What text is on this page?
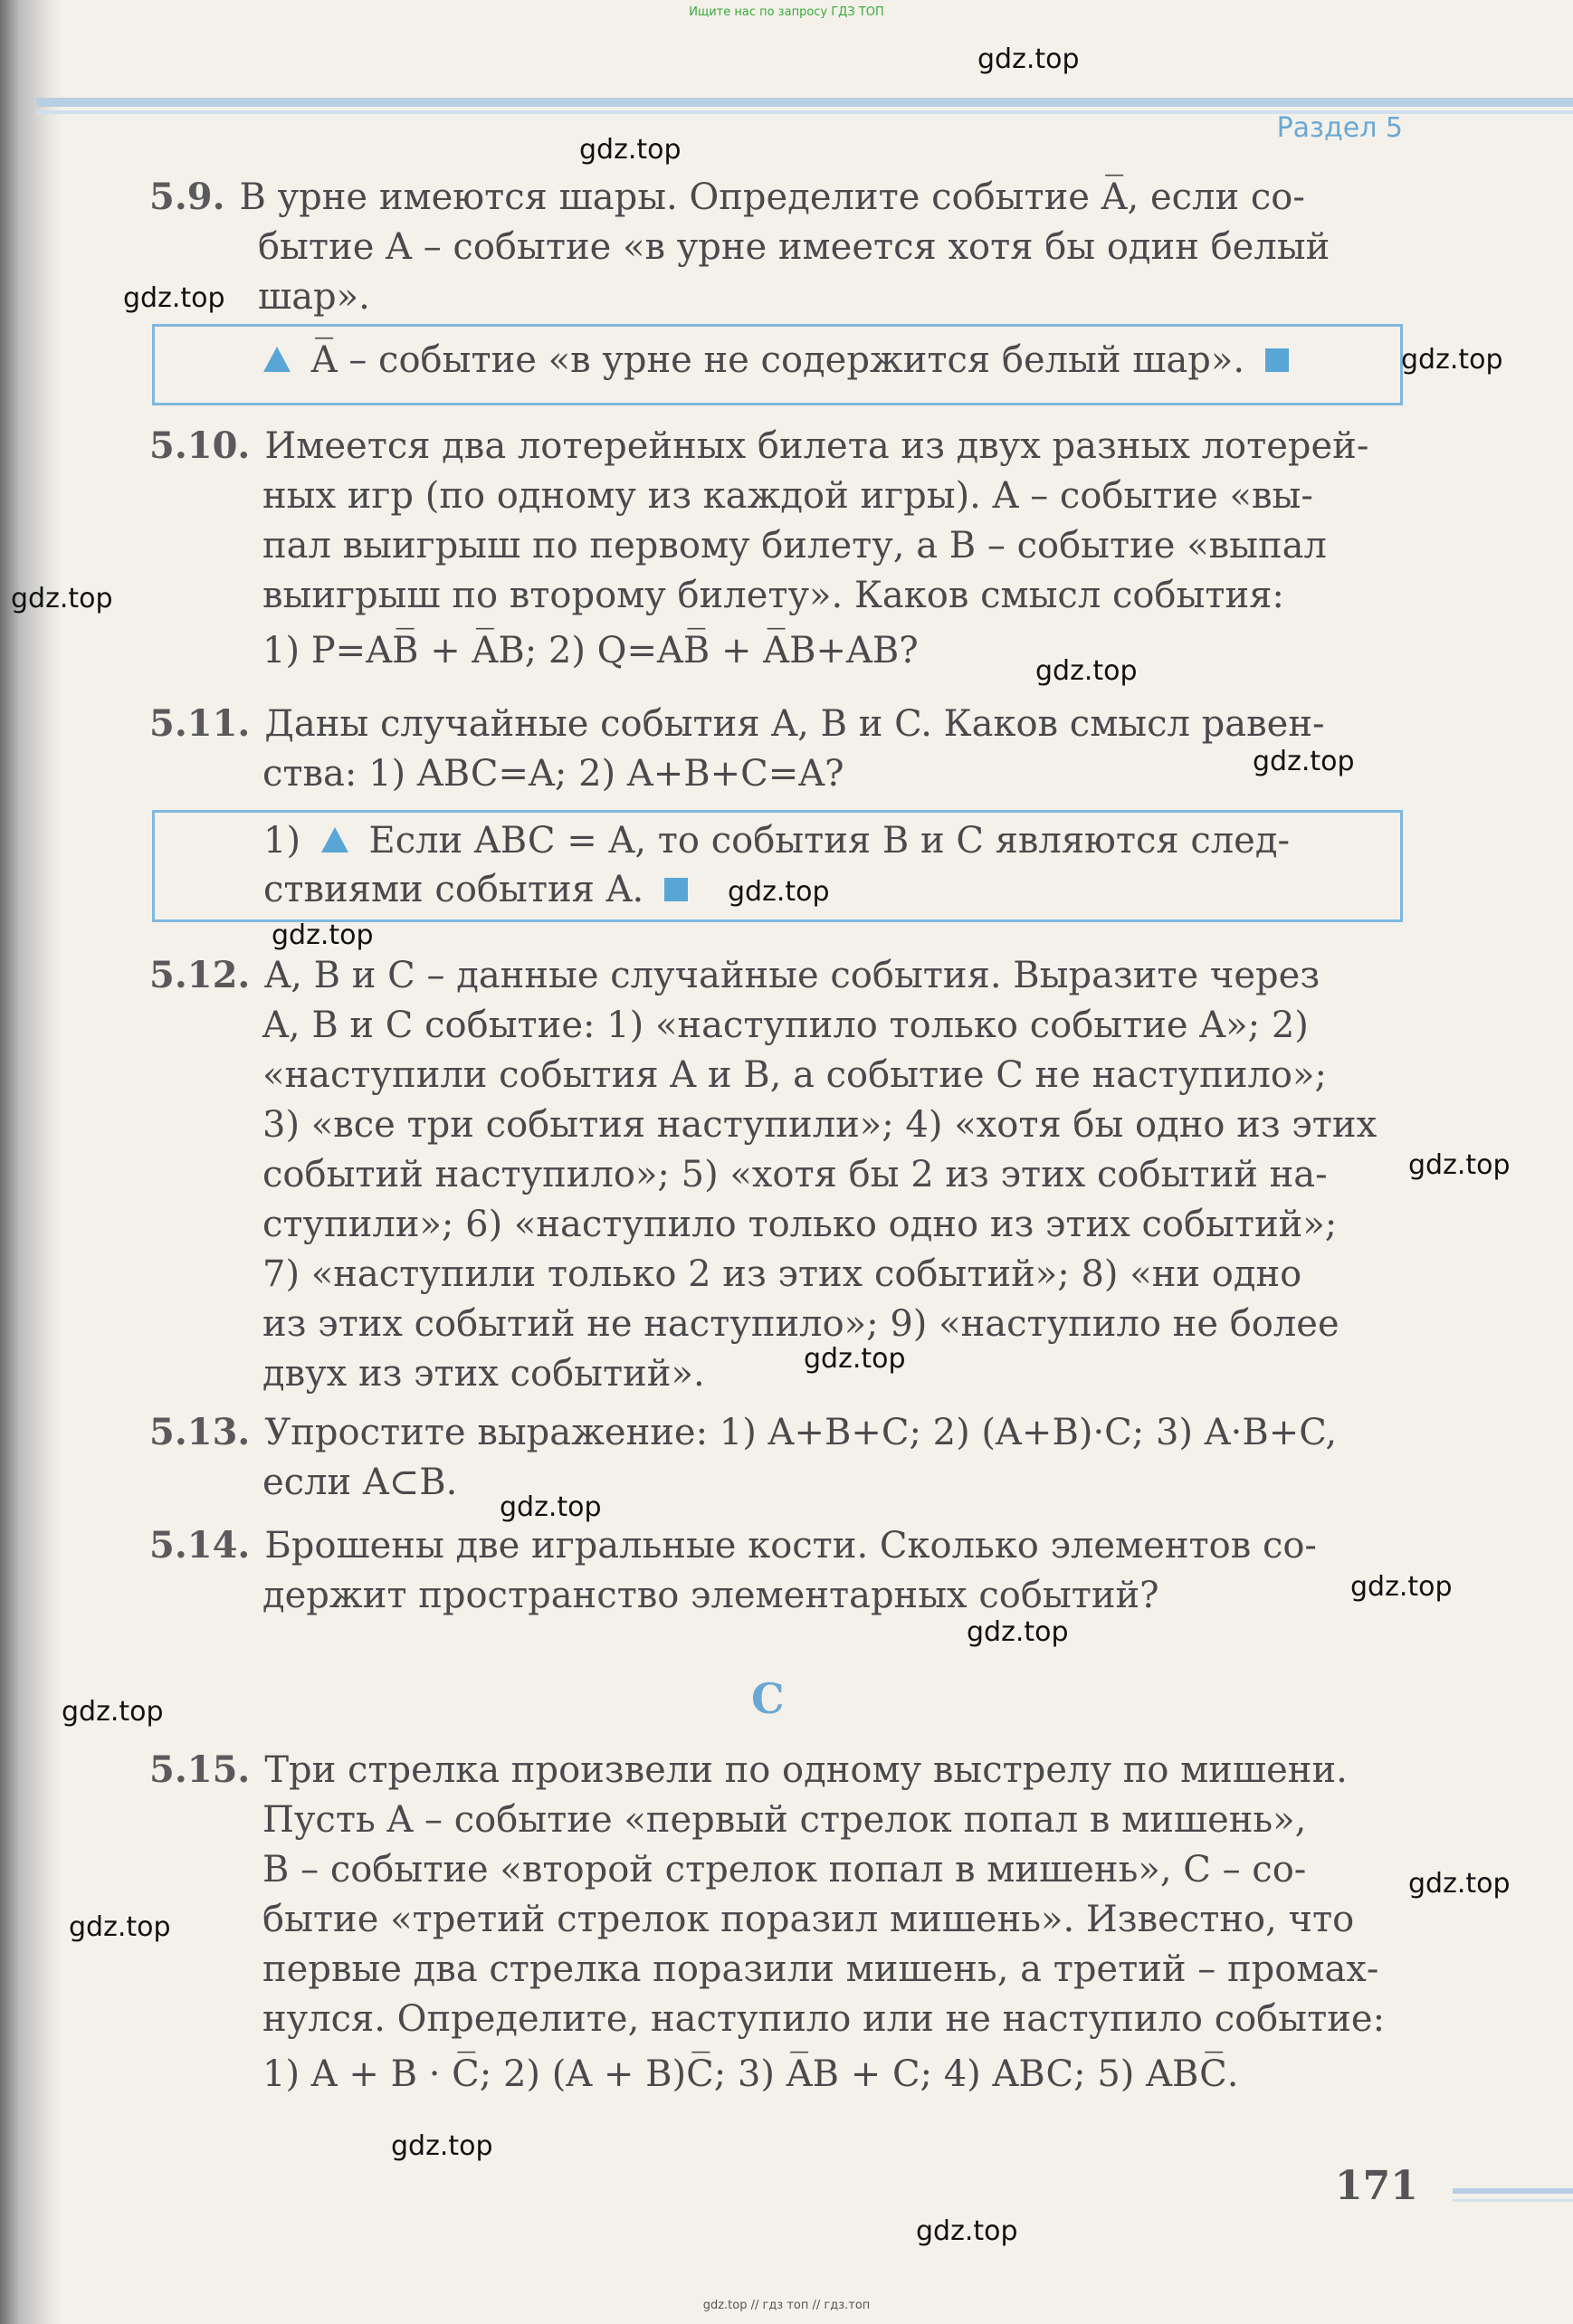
Ищите нас по запросу ГДЗ ТОП
Раздел 5
5.9. В урне имеются шары. Определите событие A̅, если со-
бытие A – событие «в урне имеется хотя бы один белый
шар».
A̅ – событие «в урне не содержится белый шар».
5.10. Имеется два лотерейных билета из двух разных лотерей-
ных игр (по одному из каждой игры). A – событие «вы-
пал выигрыш по первому билету, а B – событие «выпал
выигрыш по второму билету». Каков смысл события:
1) P=AB̅ + A̅B; 2) Q=AB̅ + A̅B+AB?
5.11. Даны случайные события A, B и C. Каков смысл равен-
ства: 1) ABC=A; 2) A+B+C=A?
1) Если ABC = A, то события B и C являются след-
ствиями события A.
5.12. A, B и C – данные случайные события. Выразите через
A, B и C событие: 1) «наступило только событие A»; 2)
«наступили события A и B, а событие C не наступило»;
3) «все три события наступили»; 4) «хотя бы одно из этих
событий наступило»; 5) «хотя бы 2 из этих событий на-
ступили»; 6) «наступило только одно из этих событий»;
7) «наступили только 2 из этих событий»; 8) «ни одно
из этих событий не наступило»; 9) «наступило не более
двух из этих событий».
5.13. Упростите выражение: 1) A+B+C; 2) (A+B)·C; 3) A·B+C,
если A⊂B.
5.14. Брошены две игральные кости. Сколько элементов со-
держит пространство элементарных событий?
C
5.15. Три стрелка произвели по одному выстрелу по мишени.
Пусть A – событие «первый стрелок попал в мишень»,
B – событие «второй стрелок попал в мишень», C – со-
бытие «третий стрелок поразил мишень». Известно, что
первые два стрелка поразили мишень, а третий – промах-
нулся. Определите, наступило или не наступило событие:
1) A + B · C̅; 2) (A + B)C̅; 3) A̅B + C; 4) ABC; 5) ABC̅.
171
gdz.top // гдз топ // гдз.топ
gdz.top
gdz.top
gdz.top
gdz.top
gdz.top
gdz.top
gdz.top
gdz.top
gdz.top
gdz.top
gdz.top
gdz.top
gdz.top
gdz.top
gdz.top
gdz.top
gdz.top
gdz.top
gdz.top
